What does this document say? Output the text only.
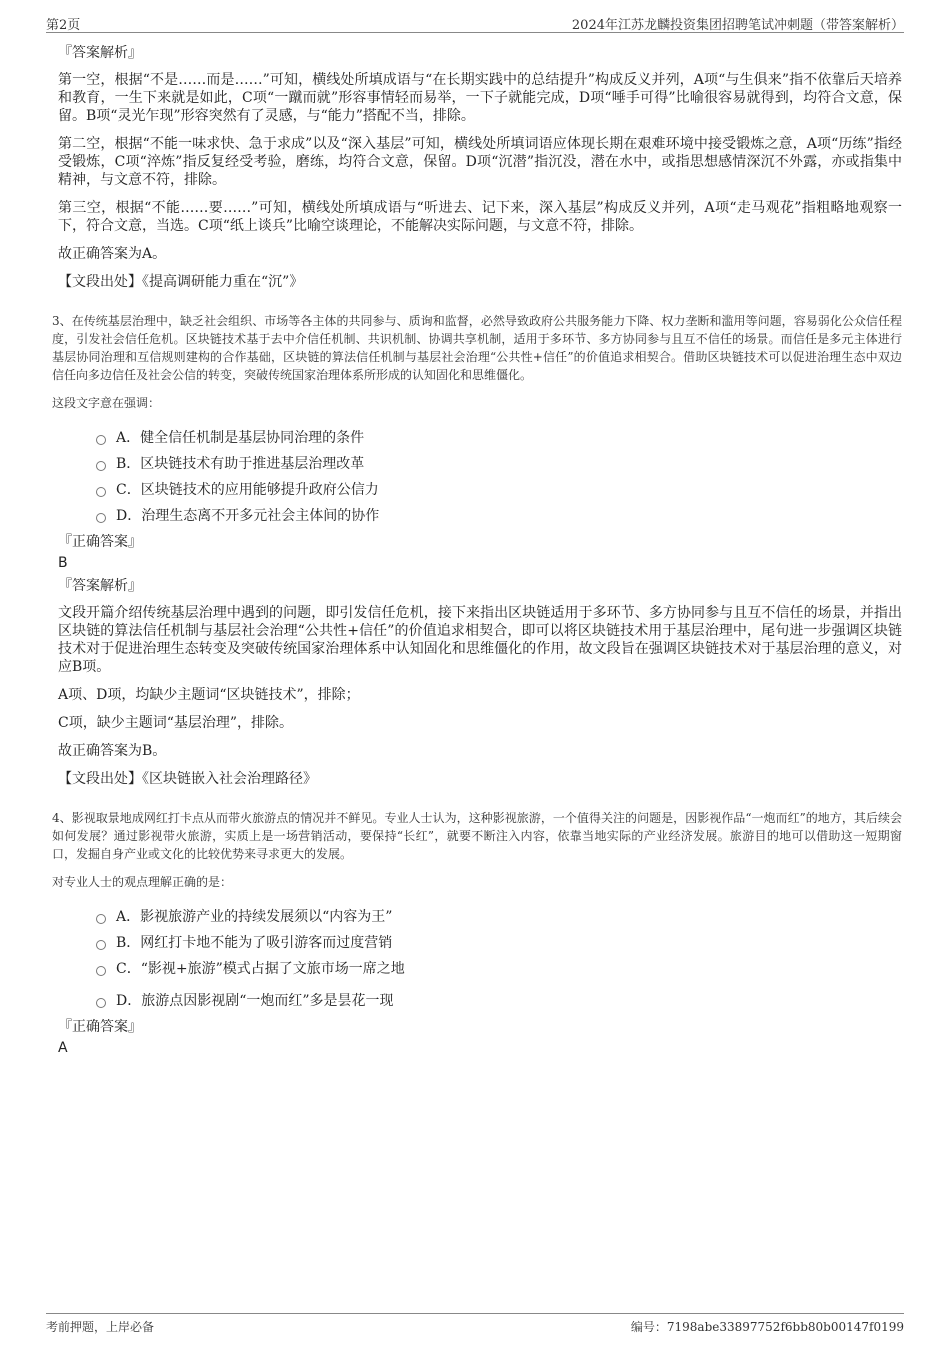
第2页	2024年江苏龙麟投资集团招聘笔试冲刺题（带答案解析）
『答案解析』

第一空，根据“不是……而是……”可知，横线处所填成语与“在长期实践中的总结提升”构成反义并列，A项“与生俱来”指不依靠后天培养和教育，一生下来就是如此，C项“一蹴而就”形容事情轻而易举，一下子就能完成，D项“唾手可得”比喻很容易就得到，均符合文意，保留。B项“灵光乍现”形容突然有了灵感，与“能力”搭配不当，排除。

第二空，根据“不能一味求快、急于求成”以及“深入基层”可知，横线处所填词语应体现长期在艰难环境中接受锻炼之意，A项“历练”指经受锻炼，C项“淬炼”指反复经受考验，磨练，均符合文意，保留。D项“沉潜”指沉没，潜在水中，或指思想感情深沉不外露，亦或指集中精神，与文意不符，排除。

第三空，根据“不能……要……”可知，横线处所填成语与“听进去、记下来，深入基层”构成反义并列，A项“走马观花”指粗略地观察一下，符合文意，当选。C项“纸上谈兵”比喻空谈理论，不能解决实际问题，与文意不符，排除。

故正确答案为A。

【文段出处】《提高调研能力重在“沉”》
3、在传统基层治理中，缺乏社会组织、市场等各主体的共同参与、质询和监督，必然导致政府公共服务能力下降、权力垄断和滥用等问题，容易弱化公众信任程度，引发社会信任危机。区块链技术基于去中介信任机制、共识机制、协调共享机制，适用于多环节、多方协同参与且互不信任的场景。而信任是多元主体进行基层协同治理和互信规则建构的合作基础，区块链的算法信任机制与基层社会治理“公共性+信任”的价值追求相契合。借助区块链技术可以促进治理生态中双边信任向多边信任及社会公信的转变，突破传统国家治理体系所形成的认知固化和思维僵化。
这段文字意在强调：
A．健全信任机制是基层协同治理的条件
B．区块链技术有助于推进基层治理改革
C．区块链技术的应用能够提升政府公信力
D．治理生态离不开多元社会主体间的协作
『正确答案』
B
『答案解析』

文段开篇介绍传统基层治理中遇到的问题，即引发信任危机，接下来指出区块链适用于多环节、多方协同参与且互不信任的场景，并指出区块链的算法信任机制与基层社会治理“公共性+信任”的价值追求相契合，即可以将区块链技术用于基层治理中，尾句进一步强调区块链技术对于促进治理生态转变及突破传统国家治理体系中认知固化和思维僵化的作用，故文段旨在强调区块链技术对于基层治理的意义，对应B项。

A项、D项，均缺少主题词“区块链技术”，排除；

C项，缺少主题词“基层治理”，排除。

故正确答案为B。

【文段出处】《区块链嵌入社会治理路径》
4、影视取景地成网红打卡点从而带火旅游点的情况并不鲜见。专业人士认为，这种影视旅游，一个值得关注的问题是，因影视作品“一炮而红”的地方，其后续会如何发展？通过影视带火旅游，实质上是一场营销活动，要保持“长红”，就要不断注入内容，依靠当地实际的产业经济发展。旅游目的地可以借助这一短期窗口，发掘自身产业或文化的比较优势来寻求更大的发展。
对专业人士的观点理解正确的是：
A．影视旅游产业的持续发展须以“内容为王”
B．网红打卡地不能为了吸引游客而过度营销
C．“影视+旅游”模式占据了文旅市场一席之地
D．旅游点因影视剧“一炮而红”多是昙花一现
『正确答案』
A
考前押题，上岸必备	编号：7198abe33897752f6bb80b00147f0199
